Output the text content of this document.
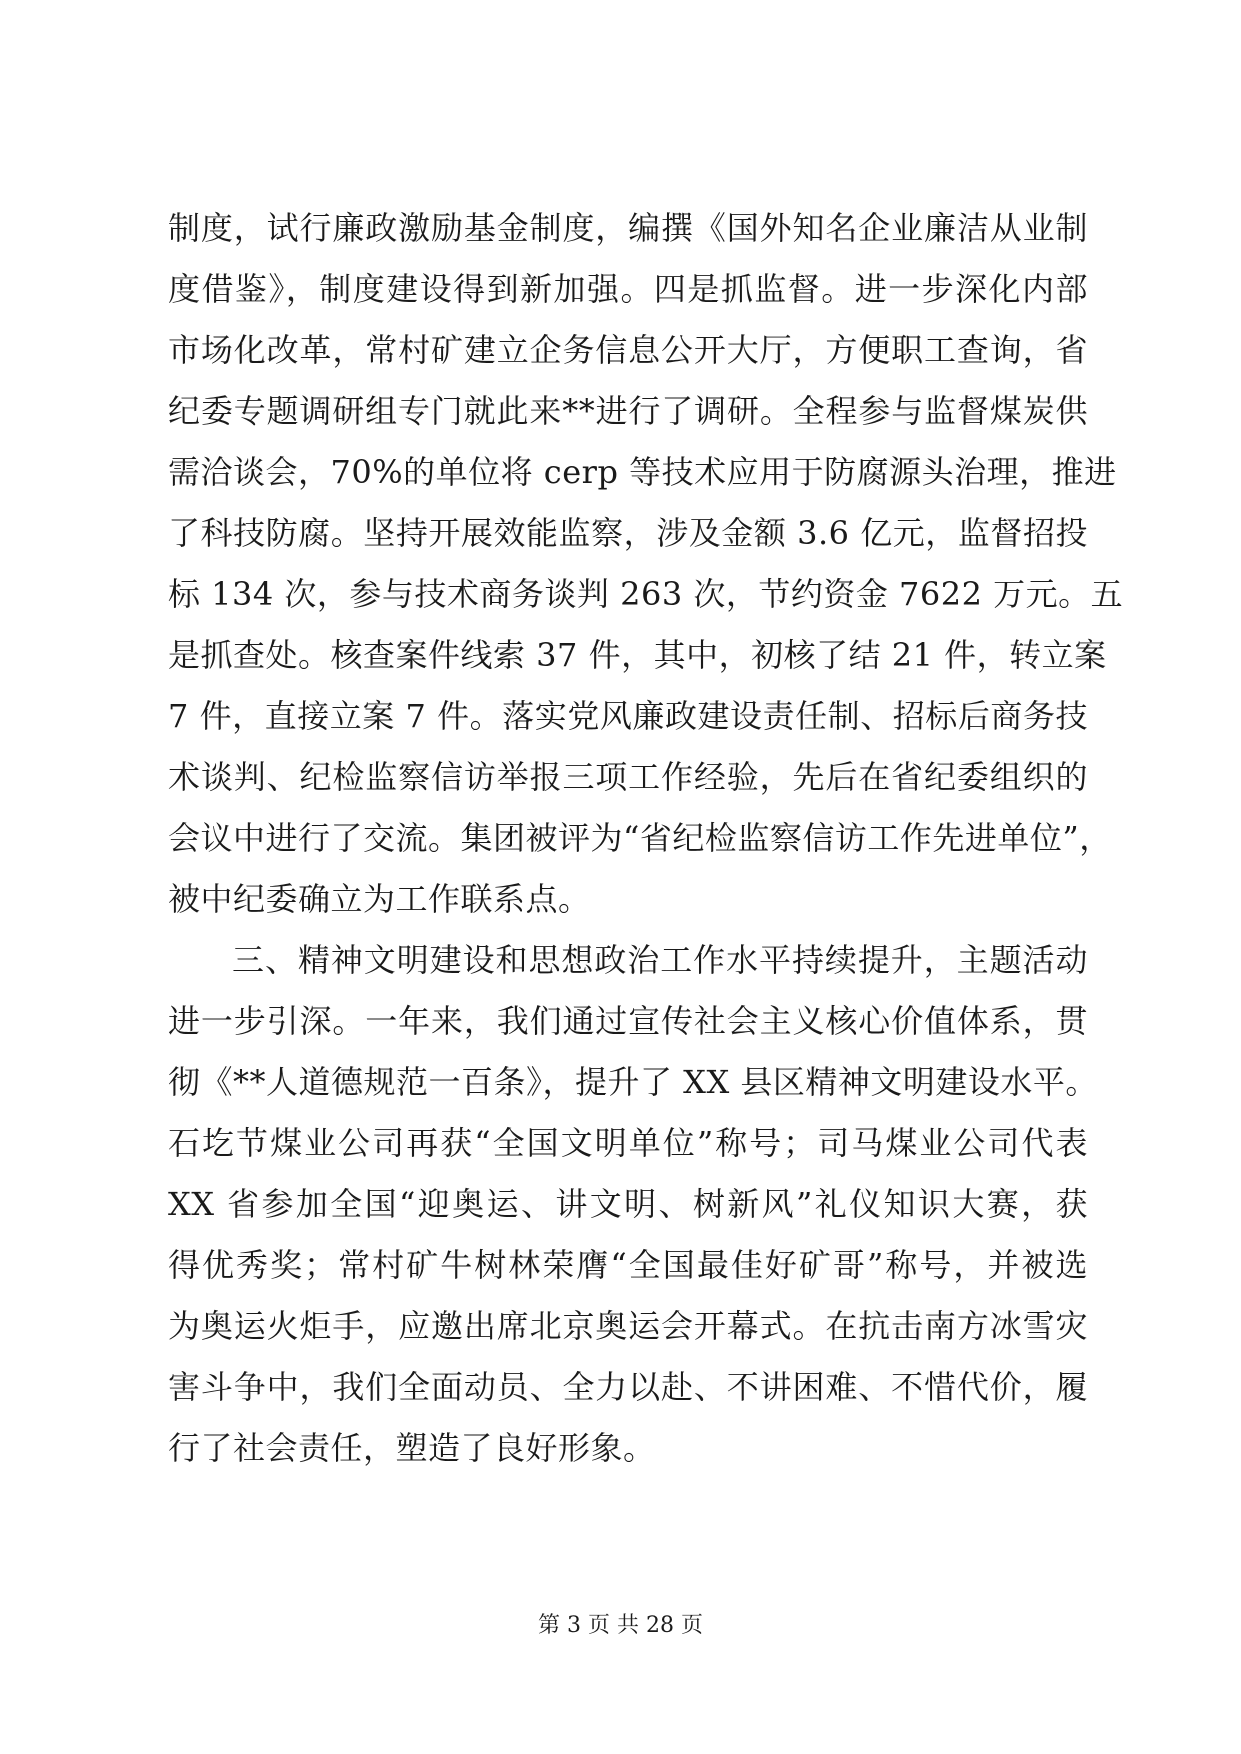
制度，试行廉政激励基金制度，编撰《国外知名企业廉洁从业制
度借鉴》，制度建设得到新加强。四是抓监督。进一步深化内部
市场化改革，常村矿建立企务信息公开大厅，方便职工查询，省
纪委专题调研组专门就此来**进行了调研。全程参与监督煤炭供
需洽谈会，70%的单位将 cerp 等技术应用于防腐源头治理，推进
了科技防腐。坚持开展效能监察，涉及金额 3.6 亿元，监督招投
标 134 次，参与技术商务谈判 263 次，节约资金 7622 万元。五
是抓查处。核查案件线索 37 件，其中，初核了结 21 件，转立案
7 件，直接立案 7 件。落实党风廉政建设责任制、招标后商务技
术谈判、纪检监察信访举报三项工作经验，先后在省纪委组织的
会议中进行了交流。集团被评为“省纪检监察信访工作先进单位”，
被中纪委确立为工作联系点。
三、精神文明建设和思想政治工作水平持续提升，主题活动
进一步引深。一年来，我们通过宣传社会主义核心价值体系，贯
彻《**人道德规范一百条》，提升了 XX 县区精神文明建设水平。
石圪节煤业公司再获“全国文明单位”称号；司马煤业公司代表
XX 省参加全国“迎奥运、讲文明、树新风”礼仪知识大赛，获
得优秀奖；常村矿牛树林荣膺“全国最佳好矿哥”称号，并被选
为奥运火炬手，应邀出席北京奥运会开幕式。在抗击南方冰雪灾
害斗争中，我们全面动员、全力以赴、不讲困难、不惜代价，履
行了社会责任，塑造了良好形象。
第 3 页 共 28 页
